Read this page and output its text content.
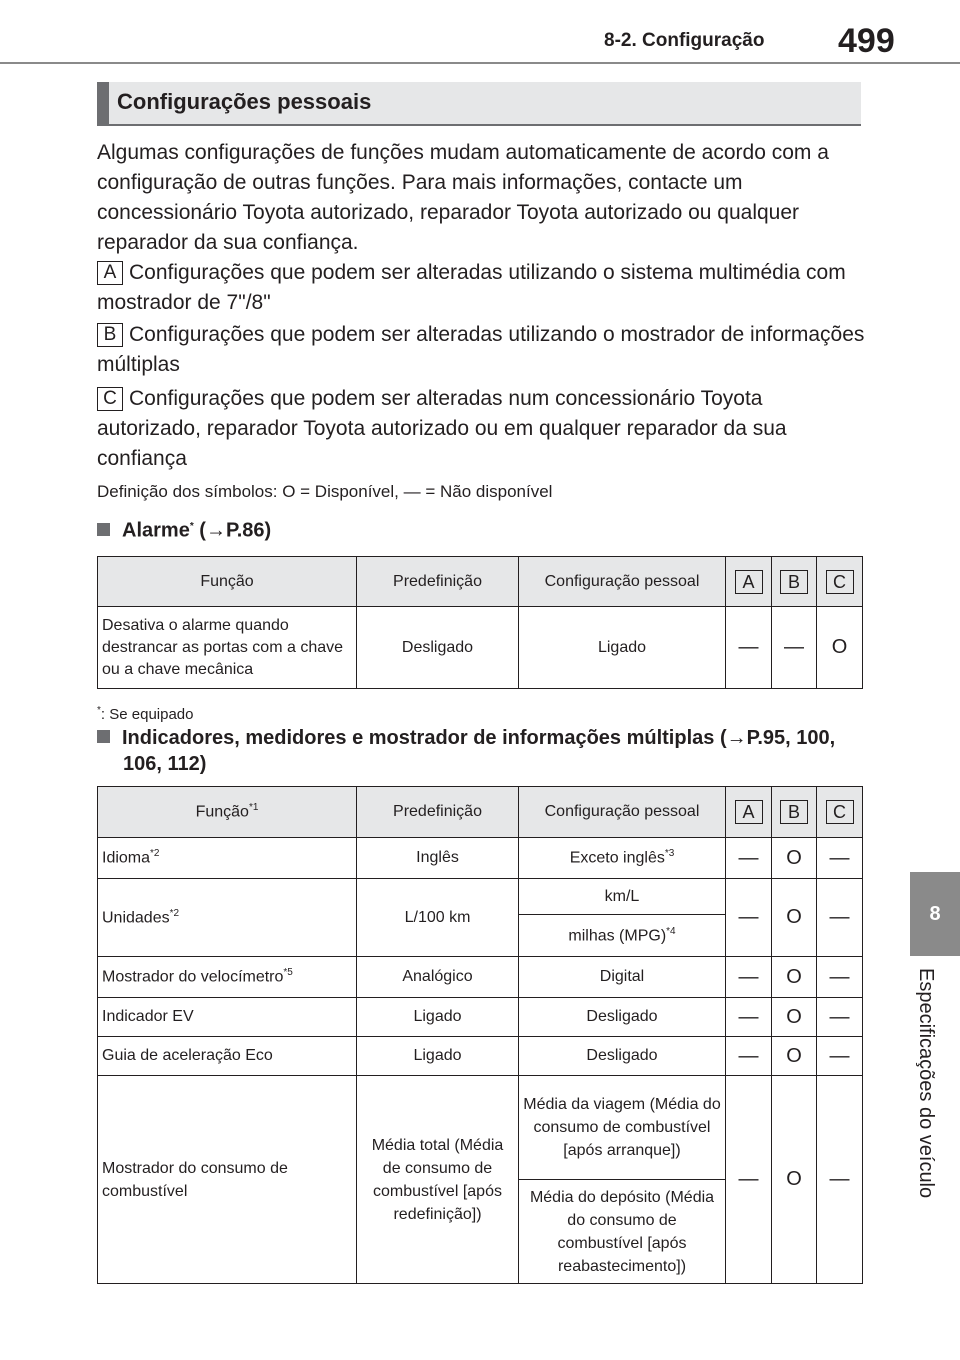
8-2. Configuração 499
8
Especificações do veículo
Configurações pessoais
Algumas configurações de funções mudam automaticamente de acordo com a configuração de outras funções. Para mais informações, contacte um concessionário Toyota autorizado, reparador Toyota autorizado ou qualquer reparador da sua confiança.
A Configurações que podem ser alteradas utilizando o sistema multimédia com mostrador de 7"/8"
B Configurações que podem ser alteradas utilizando o mostrador de informações múltiplas
C Configurações que podem ser alteradas num concessionário Toyota autorizado, reparador Toyota autorizado ou em qualquer reparador da sua confiança
Definição dos símbolos: O = Disponível, — = Não disponível
Alarme* (→P.86)
Função	Predefinição	Configuração pessoal	A	B	C
Desativa o alarme quando destrancar as portas com a chave ou a chave mecânica	Desligado	Ligado	—	—	O
*: Se equipado
Indicadores, medidores e mostrador de informações múltiplas (→P.95, 100, 106, 112)
Função$^{*1}$	Predefinição	Configuração pessoal	A	B	C
Idioma$^{*2}$	Inglês	Exceto inglês$^{*3}$	—	O	—
Unidades$^{*2}$	L/100 km	km/L	—	O	—
		milhas (MPG)$^{*4}$
Mostrador do velocímetro$^{*5}$	Analógico	Digital	—	O	—
Indicador EV	Ligado	Desligado	—	O	—
Guia de aceleração Eco	Ligado	Desligado	—	O	—
Mostrador do consumo de combustível	Média total (Média de consumo de combustível [após redefinição])	Média da viagem (Média do consumo de combustível [após arranque])	—	O	—
		Média do depósito (Média do consumo de combustível [após reabastecimento])			
